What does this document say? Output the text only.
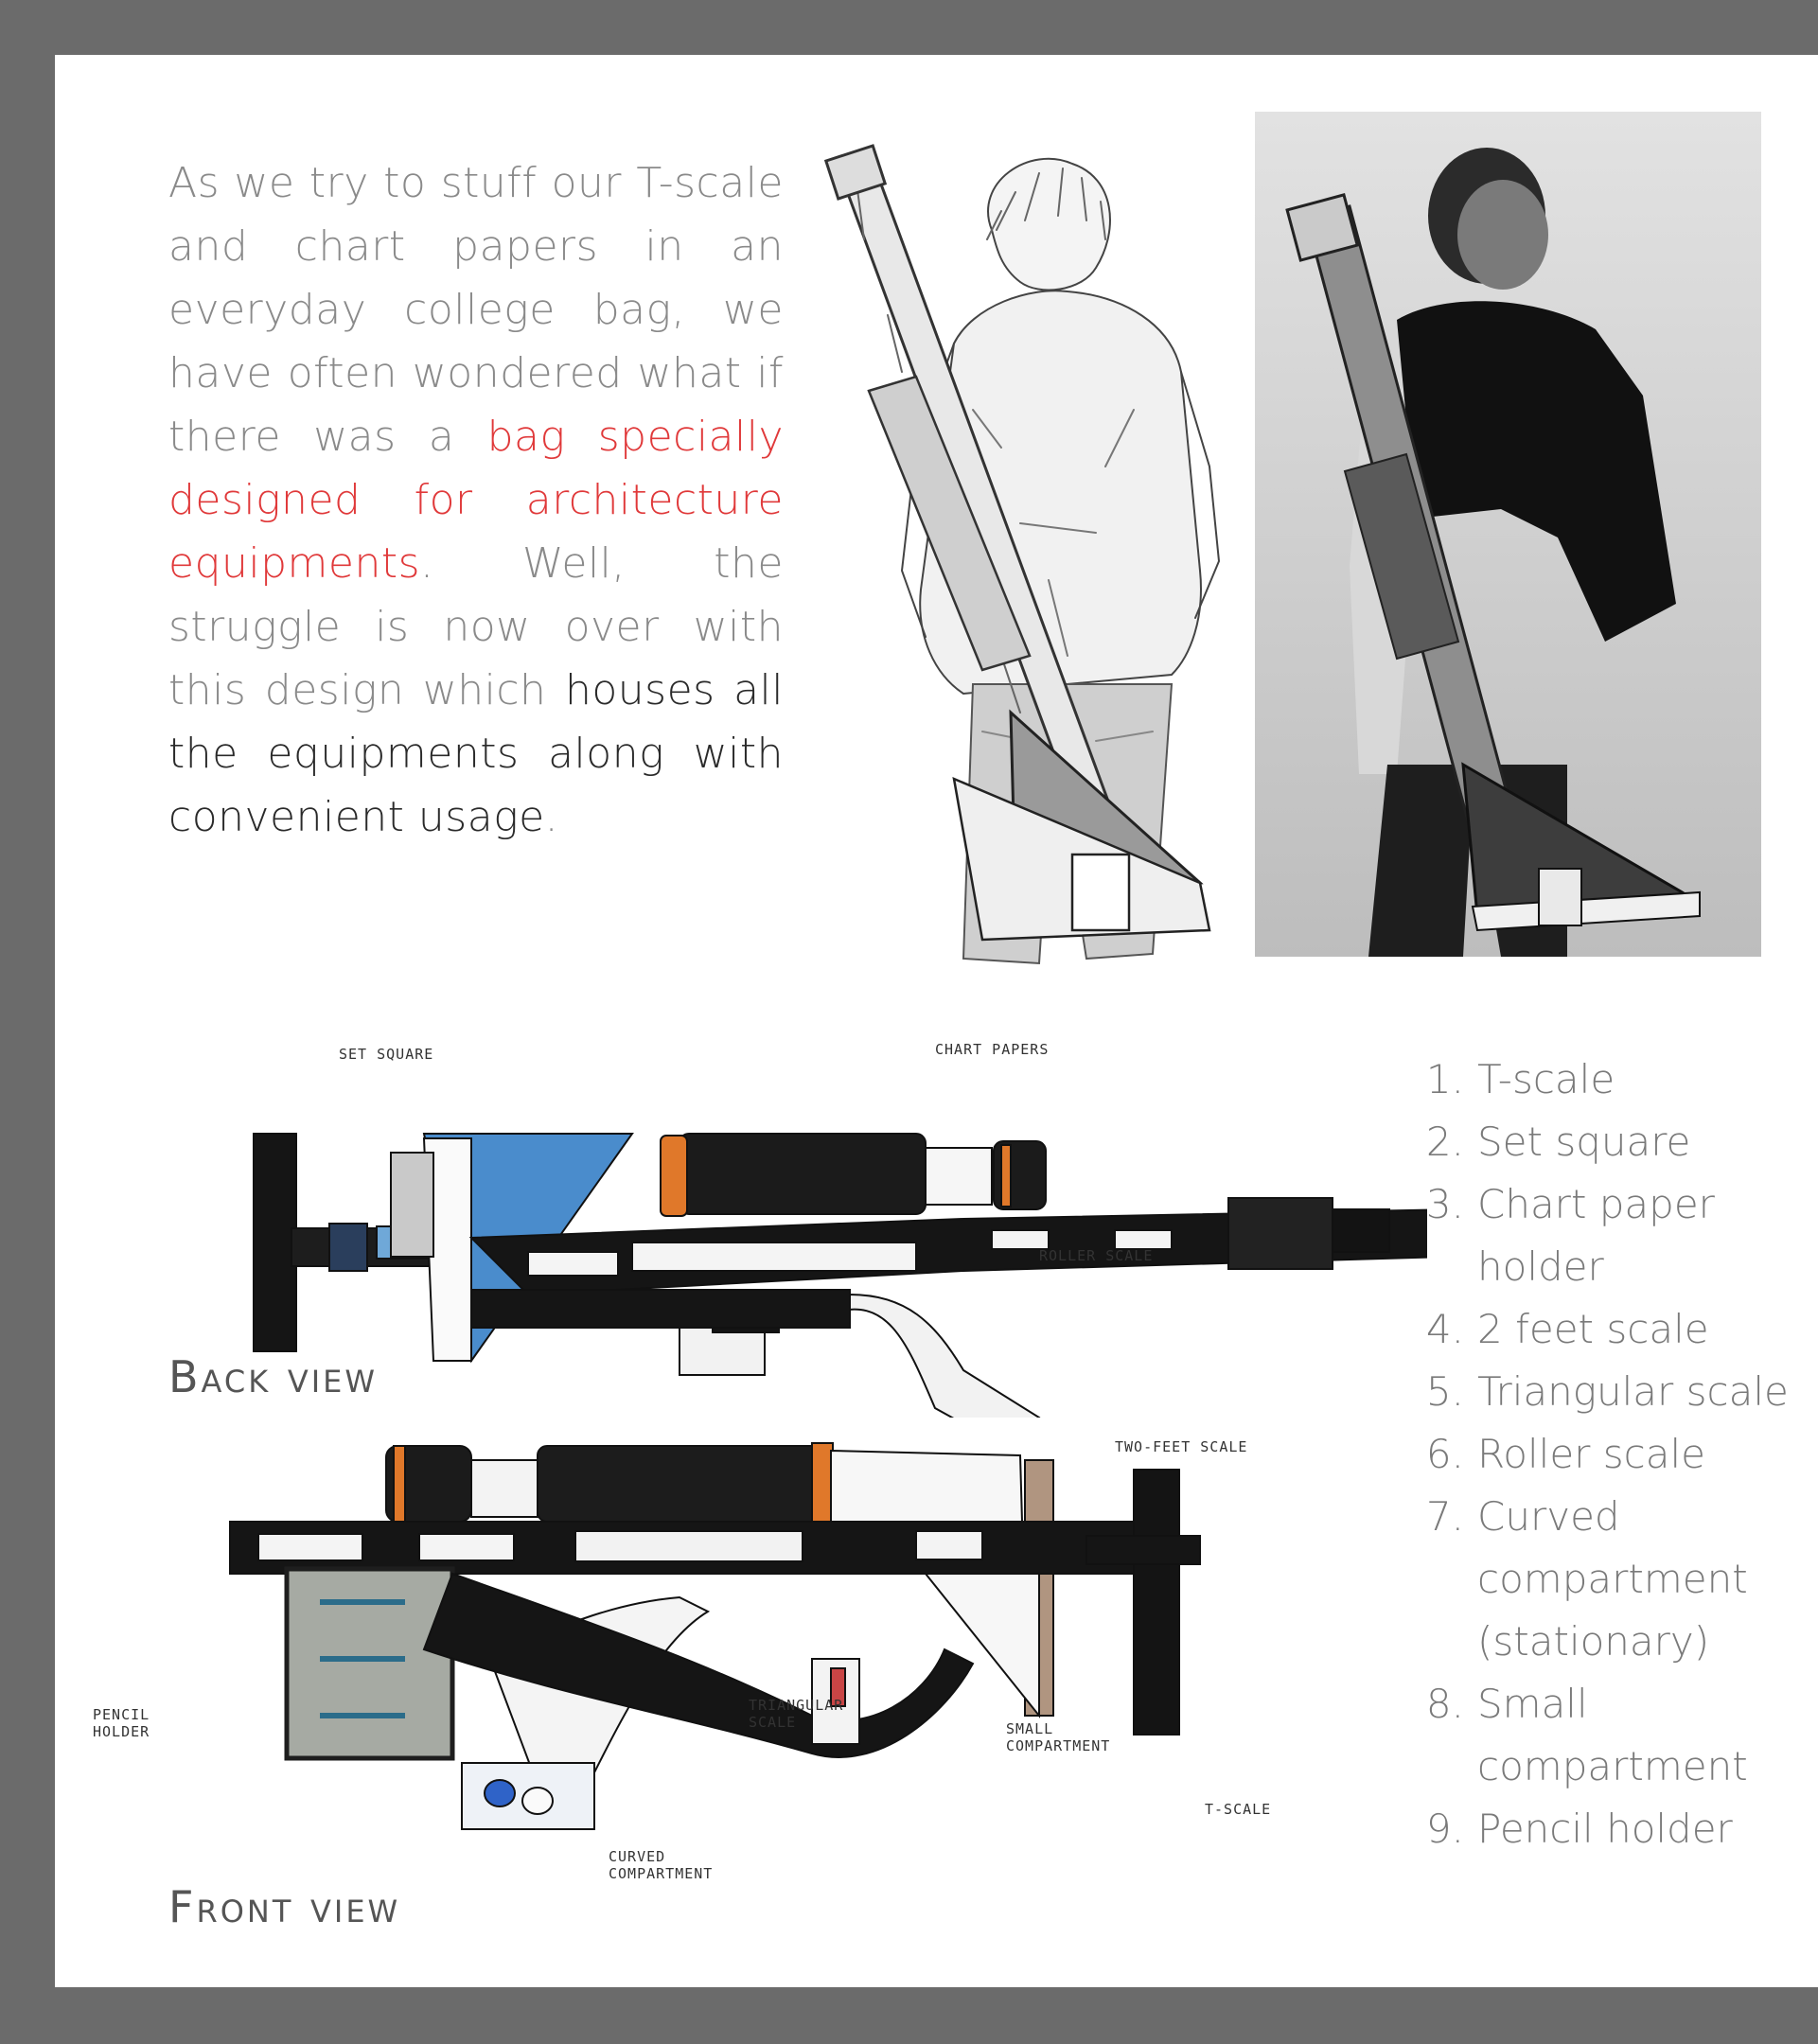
As we try to stuff our T-scale and chart papers in an everyday college bag, we have often wondered what if there was a bag specially designed for architecture equipments. Well, the struggle is now over with this design which houses all the equipments along with convenient usage.

SET SQUARE	CHART PAPERS
ROLLER SCALE
Back view
TWO-FEET SCALE
PENCIL HOLDER
TRIANGULAR SCALE	SMALL COMPARTMENT
T-SCALE
CURVED COMPARTMENT
Front view
1. T-scale
2. Set square
3. Chart paper holder
4. 2 feet scale
5. Triangular scale
6. Roller scale
7. Curved compartment (stationary)
8. Small compartment
9. Pencil holder
